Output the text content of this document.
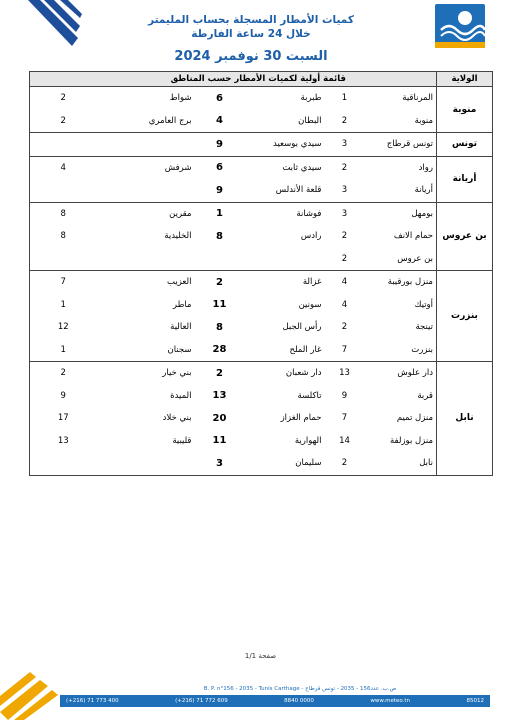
كميات الأمطار المسجلة بحساب المليمتر
خلال 24 ساعة الفارطة
السبت 30 نوفمبر 2024
الولاية	قائمة أولية لكميات الأمطار حسب المناطق					
منوبة	المرناقية	1	طبربة	6	شواط	2
	منوبة	2	البطان	4	برج العامري	2
تونس	تونس قرطاج	3	سيدي بوسعيد	9		
أريانة	رواد	2	سيدي ثابت	6	شرفش	4
	أريانة	3	قلعة الأندلس	9		
بن عروس	بومهل	3	فوشانة	1	مقرين	8
	حمام الانف	2	رادس	8	الخليدية	8
	بن عروس	2				
بنزرت	منزل بورقيبة	4	غزالة	2	العزيب	7
	أوتيك	4	سونين	11	ماطر	1
	تينجة	2	رأس الجبل	8	العالية	12
	بنزرت	7	غار الملح	28	سجنان	1
نابل	دار علوش	13	دار شعبان	2	بني خيار	2
	قربة	9	تاكلسة	13	الميدة	9
	منزل تميم	7	حمام الغزاز	20	بني خلاد	17
	منزل بوزلفة	14	الهوارية	11	قليبية	13
	نابل	2	سليمان	3		
صفحة 1/1
(+216) 71 773 400	(+216) 71 772 609	8840 0000	www.meteo.tn	85012
B. P. n°156 - 2035 - Tunis Carthage - ص.ب. عدد156 - 2035 - تونس قرطاج
